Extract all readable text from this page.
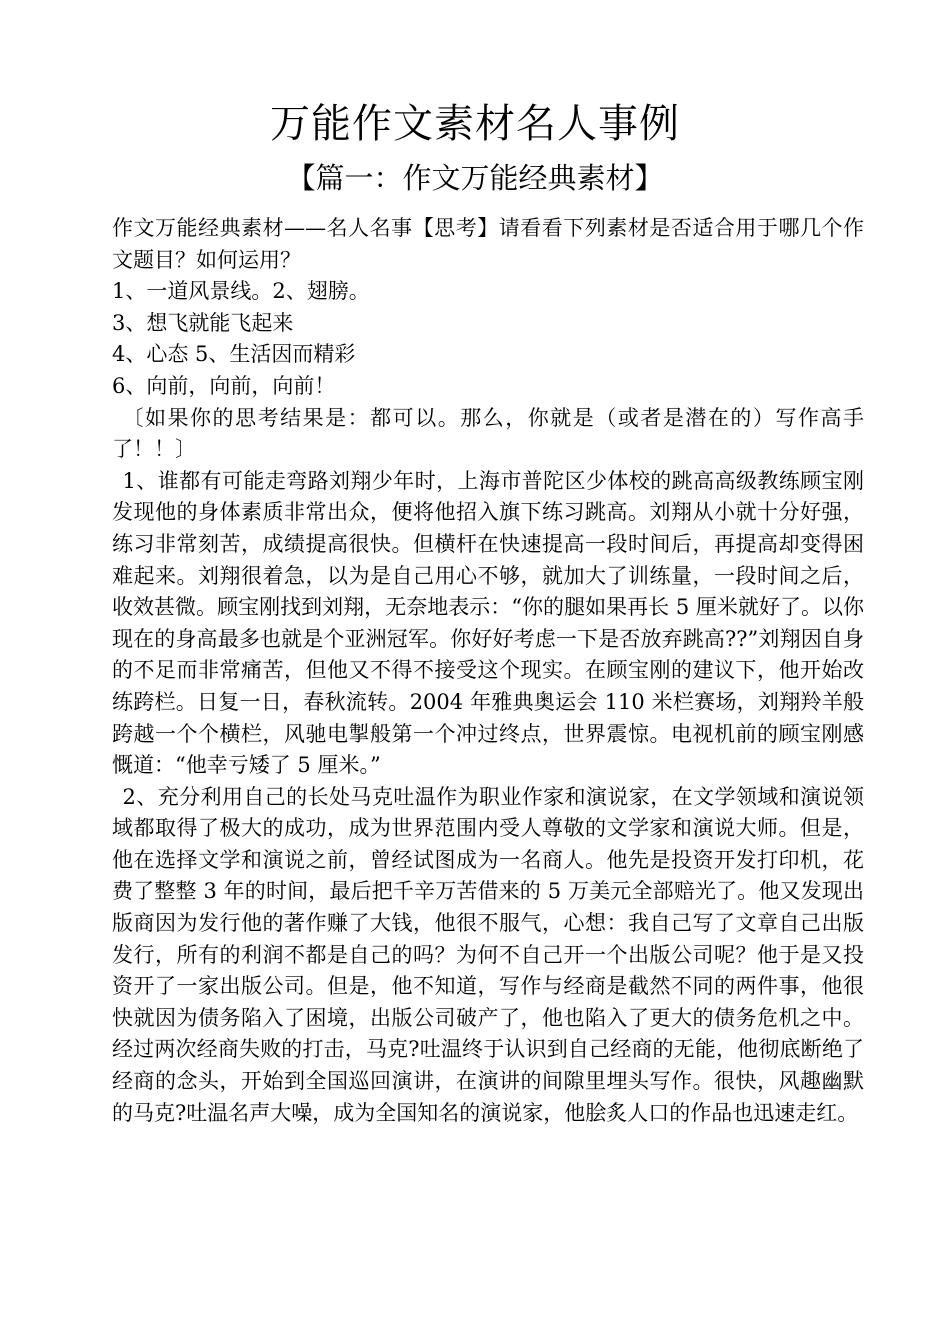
万能作文素材名人事例
【篇一：作文万能经典素材】

作文万能经典素材——名人名事【思考】请看看下列素材是否适合用于哪几个作文题目？如何运用？

1、一道风景线。2、翅膀。

3、想飞就能飞起来

4、心态 5、生活因而精彩

6、向前，向前，向前！

〔如果你的思考结果是：都可以。那么，你就是（或者是潜在的）写作高手了！！〕

1、谁都有可能走弯路刘翔少年时，上海市普陀区少体校的跳高高级教练顾宝刚发现他的身体素质非常出众，便将他招入旗下练习跳高。刘翔从小就十分好强，练习非常刻苦，成绩提高很快。但横杆在快速提高一段时间后，再提高却变得困难起来。刘翔很着急，以为是自己用心不够，就加大了训练量，一段时间之后，收效甚微。顾宝刚找到刘翔，无奈地表示：“你的腿如果再长 5 厘米就好了。以你现在的身高最多也就是个亚洲冠军。你好好考虑一下是否放弃跳高??”刘翔因自身的不足而非常痛苦，但他又不得不接受这个现实。在顾宝刚的建议下，他开始改练跨栏。日复一日，春秋流转。2004 年雅典奥运会 110 米栏赛场，刘翔羚羊般跨越一个个横栏，风驰电掣般第一个冲过终点，世界震惊。电视机前的顾宝刚感慨道：“他幸亏矮了 5 厘米。”

2、充分利用自己的长处马克吐温作为职业作家和演说家，在文学领域和演说领域都取得了极大的成功，成为世界范围内受人尊敬的文学家和演说大师。但是，他在选择文学和演说之前，曾经试图成为一名商人。他先是投资开发打印机，花费了整整 3 年的时间，最后把千辛万苦借来的 5 万美元全部赔光了。他又发现出版商因为发行他的著作赚了大钱，他很不服气，心想：我自己写了文章自己出版发行，所有的利润不都是自己的吗？为何不自己开一个出版公司呢？他于是又投资开了一家出版公司。但是，他不知道，写作与经商是截然不同的两件事，他很快就因为债务陷入了困境，出版公司破产了，他也陷入了更大的债务危机之中。经过两次经商失败的打击，马克?吐温终于认识到自己经商的无能，他彻底断绝了经商的念头，开始到全国巡回演讲，在演讲的间隙里埋头写作。很快，风趣幽默的马克?吐温名声大噪，成为全国知名的演说家，他脍炙人口的作品也迅速走红。
